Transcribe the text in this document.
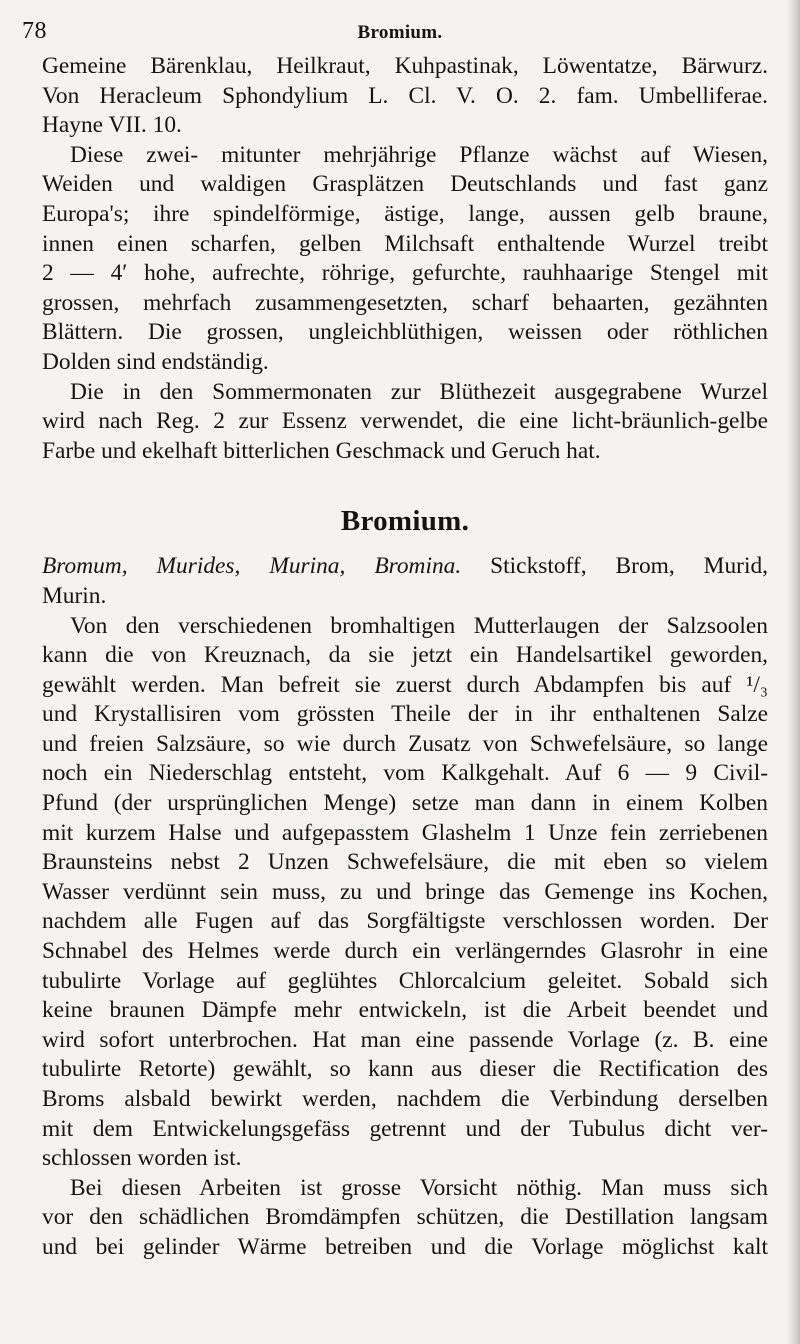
78	Bromium.

Gemeine Bärenklau, Heilkraut, Kuhpastinak, Löwentatze, Bärwurz.
Von Heracleum Sphondylium L. Cl. V. O. 2. fam. Umbelliferae.
Hayne VII. 10.

Diese zwei- mitunter mehrjährige Pflanze wächst auf Wiesen,
Weiden und waldigen Grasplätzen Deutschlands und fast ganz
Europa's; ihre spindelförmige, ästige, lange, aussen gelb braune,
innen einen scharfen, gelben Milchsaft enthaltende Wurzel treibt
2 — 4′ hohe, aufrechte, röhrige, gefurchte, rauhhaarige Stengel mit
grossen, mehrfach zusammengesetzten, scharf behaarten, gezähnten
Blättern. Die grossen, ungleichblüthigen, weissen oder röthlichen
Dolden sind endständig.

Die in den Sommermonaten zur Blüthezeit ausgegrabene Wurzel
wird nach Reg. 2 zur Essenz verwendet, die eine licht-bräunlich-gelbe
Farbe und ekelhaft bitterlichen Geschmack und Geruch hat.

Bromium.

Bromum, Murides, Murina, Bromina. Stickstoff, Brom, Murid,
Murin.

Von den verschiedenen bromhaltigen Mutterlaugen der Salzsoolen
kann die von Kreuznach, da sie jetzt ein Handelsartikel geworden,
gewählt werden. Man befreit sie zuerst durch Abdampfen bis auf ¹/₃
und Krystallisiren vom grössten Theile der in ihr enthaltenen Salze
und freien Salzsäure, so wie durch Zusatz von Schwefelsäure, so lange
noch ein Niederschlag entsteht, vom Kalkgehalt. Auf 6 — 9 Civil-
Pfund (der ursprünglichen Menge) setze man dann in einem Kolben
mit kurzem Halse und aufgepasstem Glashelm 1 Unze fein zerriebenen
Braunsteins nebst 2 Unzen Schwefelsäure, die mit eben so vielem
Wasser verdünnt sein muss, zu und bringe das Gemenge ins Kochen,
nachdem alle Fugen auf das Sorgfältigste verschlossen worden. Der
Schnabel des Helmes werde durch ein verlängerndes Glasrohr in eine
tubulirte Vorlage auf geglühtes Chlorcalcium geleitet. Sobald sich
keine braunen Dämpfe mehr entwickeln, ist die Arbeit beendet und
wird sofort unterbrochen. Hat man eine passende Vorlage (z. B. eine
tubulirte Retorte) gewählt, so kann aus dieser die Rectification des
Broms alsbald bewirkt werden, nachdem die Verbindung derselben
mit dem Entwickelungsgefäss getrennt und der Tubulus dicht ver-
schlossen worden ist.

Bei diesen Arbeiten ist grosse Vorsicht nöthig. Man muss sich
vor den schädlichen Bromdämpfen schützen, die Destillation langsam
und bei gelinder Wärme betreiben und die Vorlage möglichst kalt
